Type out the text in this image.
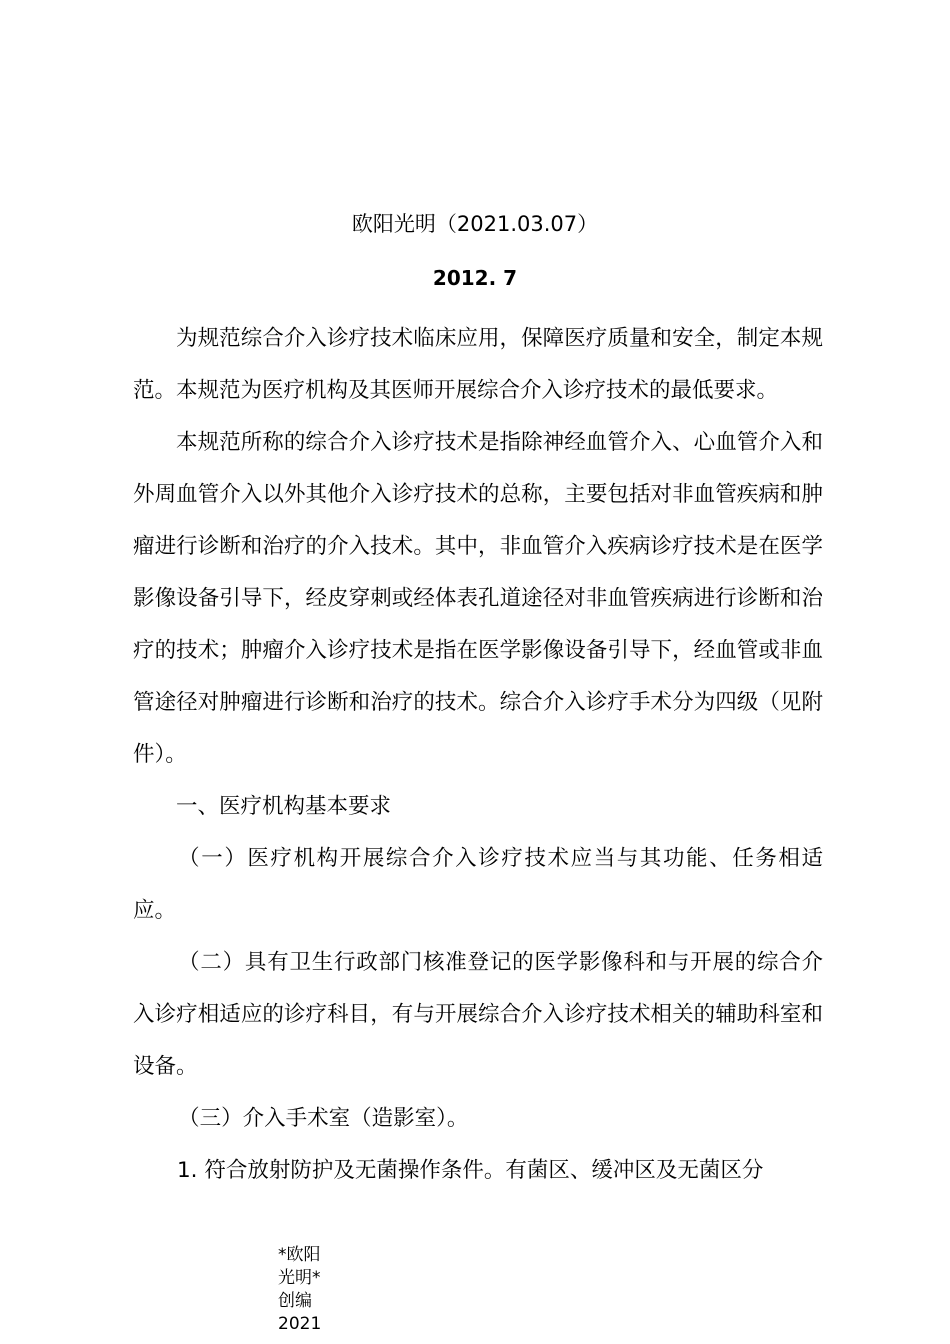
欧阳光明（2021.03.07）
2012. 7

为规范综合介入诊疗技术临床应用，保障医疗质量和安全，制定本规范。本规范为医疗机构及其医师开展综合介入诊疗技术的最低要求。

本规范所称的综合介入诊疗技术是指除神经血管介入、心血管介入和外周血管介入以外其他介入诊疗技术的总称，主要包括对非血管疾病和肿瘤进行诊断和治疗的介入技术。其中，非血管介入疾病诊疗技术是在医学影像设备引导下，经皮穿刺或经体表孔道途径对非血管疾病进行诊断和治疗的技术；肿瘤介入诊疗技术是指在医学影像设备引导下，经血管或非血管途径对肿瘤进行诊断和治疗的技术。综合介入诊疗手术分为四级（见附件）。

一、医疗机构基本要求

（一）医疗机构开展综合介入诊疗技术应当与其功能、任务相适应。

（二）具有卫生行政部门核准登记的医学影像科和与开展的综合介入诊疗相适应的诊疗科目，有与开展综合介入诊疗技术相关的辅助科室和设备。

（三）介入手术室（造影室）。

1. 符合放射防护及无菌操作条件。有菌区、缓冲区及无菌区分

*欧阳光明*创编 2021
